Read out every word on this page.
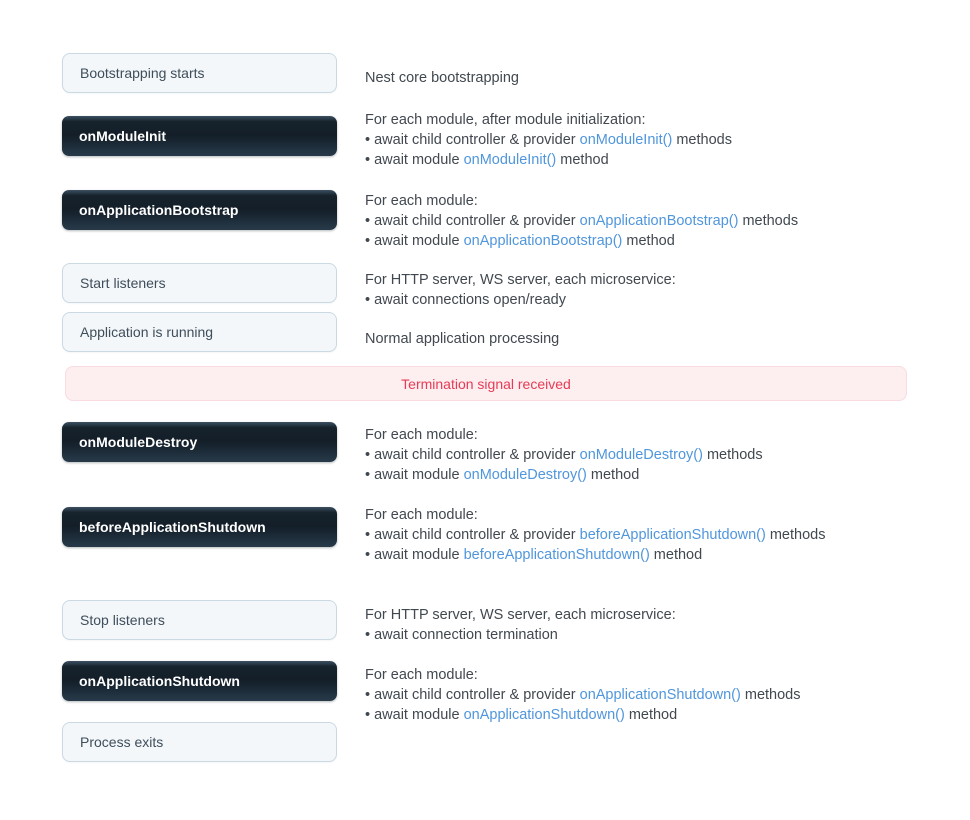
Bootstrapping starts	Nest core bootstrapping
onModuleInit
For each module, after module initialization:
• await child controller & provider onModuleInit() methods
• await module onModuleInit() method
onApplicationBootstrap
For each module:
• await child controller & provider onApplicationBootstrap() methods
• await module onApplicationBootstrap() method
Start listeners	For HTTP server, WS server, each microservice:
• await connections open/ready
Application is running	Normal application processing
Termination signal received
onModuleDestroy	For each module:
• await child controller & provider onModuleDestroy() methods
• await module onModuleDestroy() method
beforeApplicationShutdown
For each module:
• await child controller & provider beforeApplicationShutdown() methods
• await module beforeApplicationShutdown() method
Stop listeners	For HTTP server, WS server, each microservice:
• await connection termination
onApplicationShutdown	For each module:
• await child controller & provider onApplicationShutdown() methods
• await module onApplicationShutdown() method
Process exits
